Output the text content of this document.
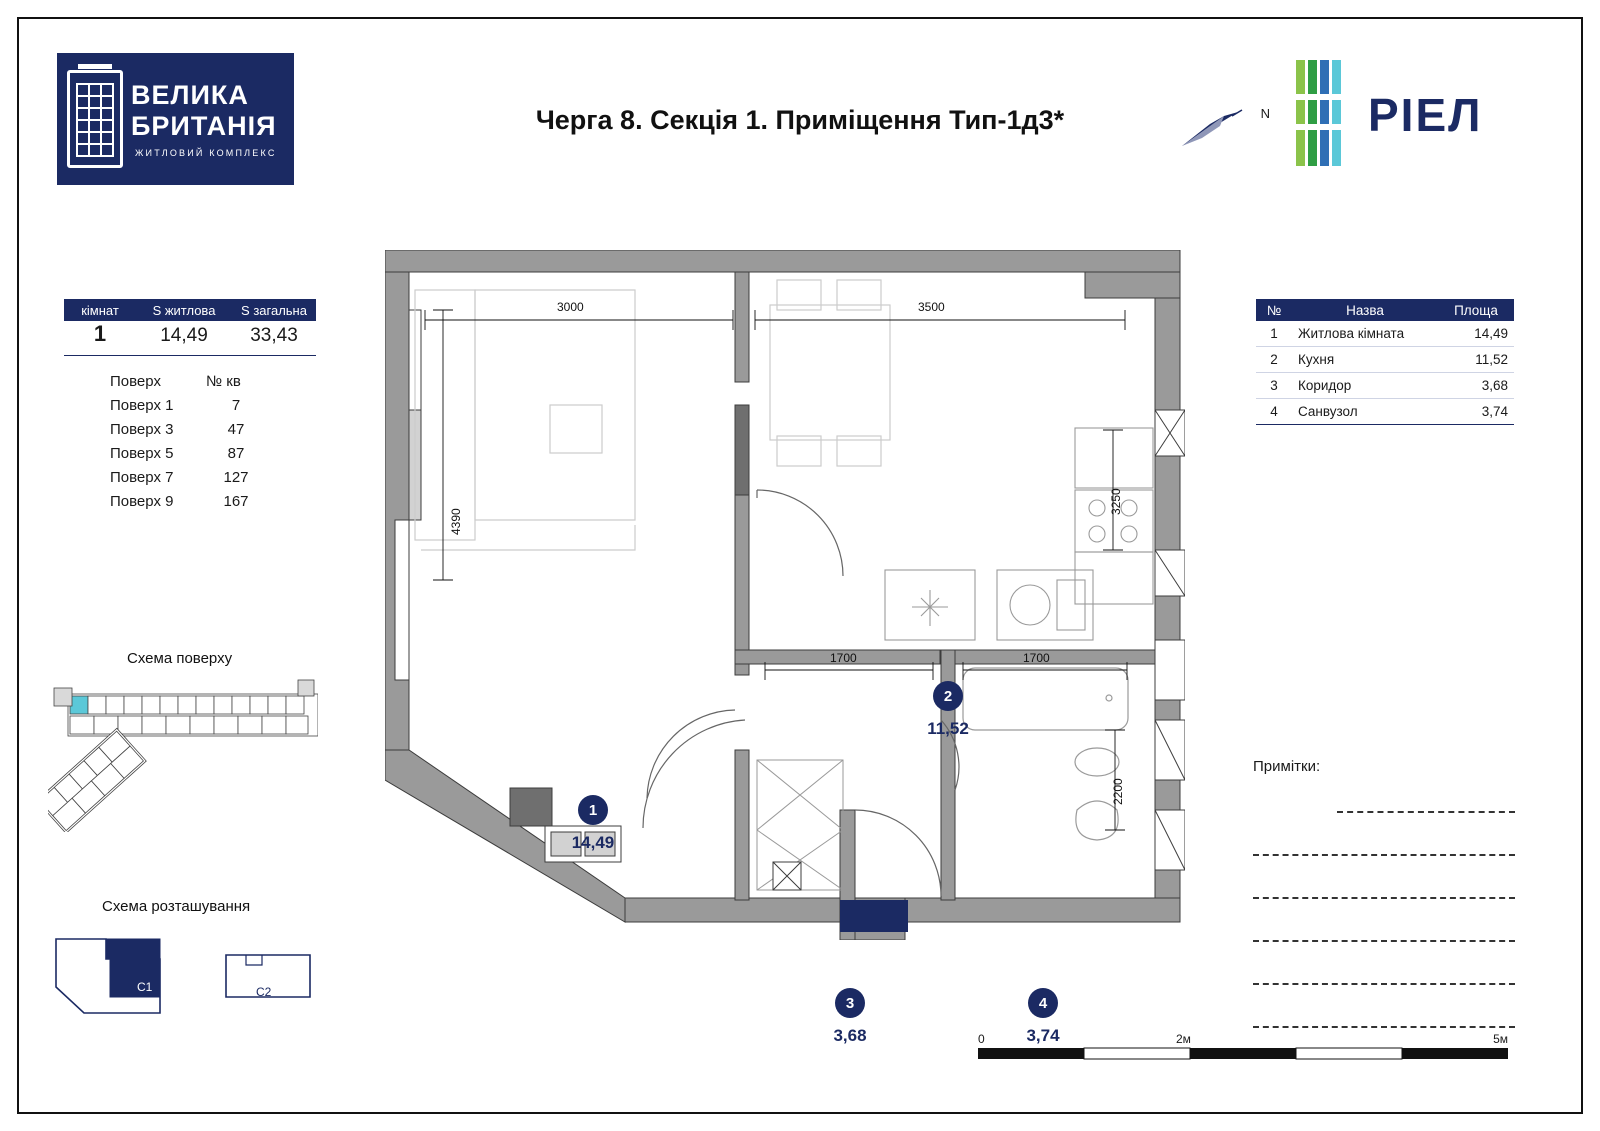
ВЕЛИКА
БРИТАНІЯ
ЖИТЛОВИЙ КОМПЛЕКС
Черга 8. Секція 1. Приміщення Тип-1д3*	N РІЕЛ
кімнат	S житлова	S загальна
1	14,49	33,43
Поверх	№ кв
Поверх 1	7
Поверх 3	47
Поверх 5	87
Поверх 7	127
Поверх 9	167
Схема поверху
Схема розташування
С1	С2
№	Назва	Площа
1	Житлова кімната	14,49
2	Кухня	11,52
3	Коридор	3,68
4	Санвузол	3,74
Примітки:
0	2м	5м
3000	3500
4390
3250
1700	1700
2200
1
14,49
2
11,52
3
3,68
4
3,74
